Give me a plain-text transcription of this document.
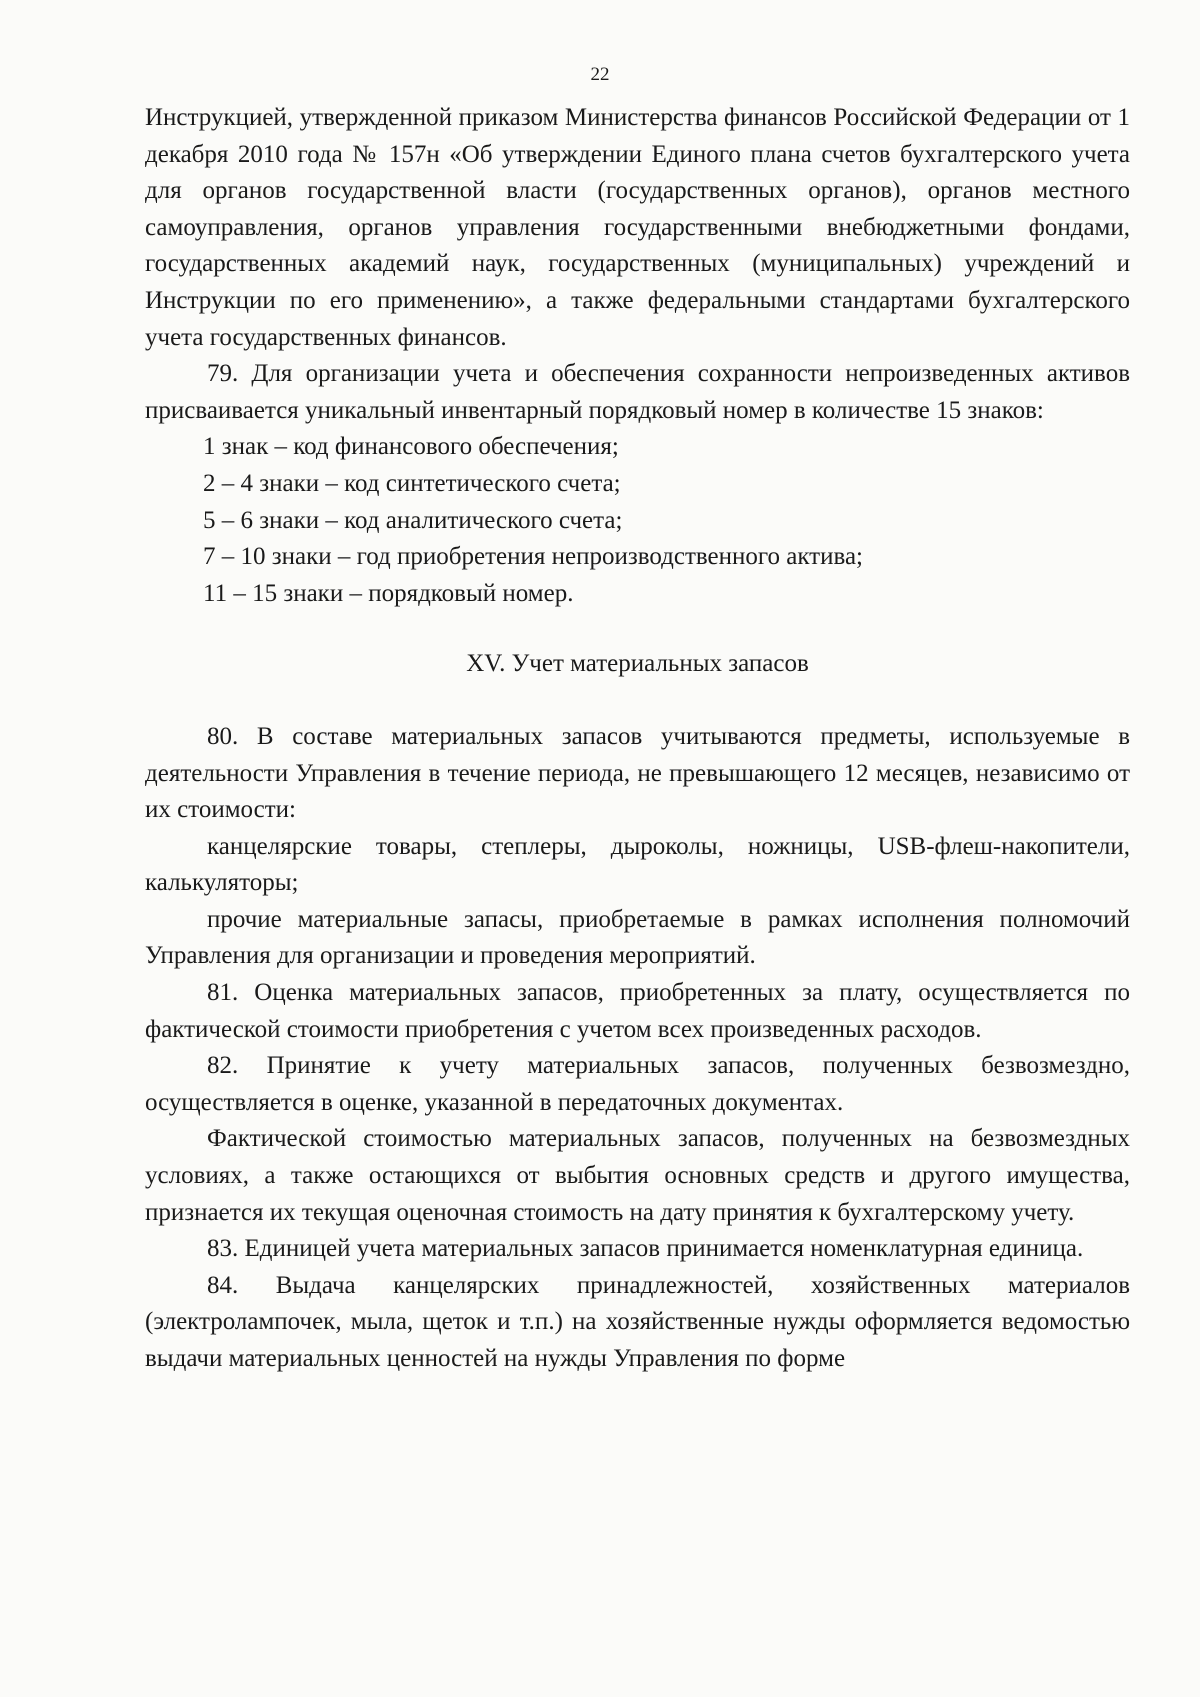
22

Инструкцией, утвержденной приказом Министерства финансов Российской Федерации от 1 декабря 2010 года № 157н «Об утверждении Единого плана счетов бухгалтерского учета для органов государственной власти (государственных органов), органов местного самоуправления, органов управления государственными внебюджетными фондами, государственных академий наук, государственных (муниципальных) учреждений и Инструкции по его применению», а также федеральными стандартами бухгалтерского учета государственных финансов.

79. Для организации учета и обеспечения сохранности непроизведенных активов присваивается уникальный инвентарный порядковый номер в количестве 15 знаков:

1 знак – код финансового обеспечения;

2 – 4 знаки – код синтетического счета;

5 – 6 знаки – код аналитического счета;

7 – 10 знаки – год приобретения непроизводственного актива;

11 – 15 знаки – порядковый номер.

XV. Учет материальных запасов

80. В составе материальных запасов учитываются предметы, используемые в деятельности Управления в течение периода, не превышающего 12 месяцев, независимо от их стоимости:

канцелярские товары, степлеры, дыроколы, ножницы, USB-флеш-накопители, калькуляторы;

прочие материальные запасы, приобретаемые в рамках исполнения полномочий Управления для организации и проведения мероприятий.

81. Оценка материальных запасов, приобретенных за плату, осуществляется по фактической стоимости приобретения с учетом всех произведенных расходов.

82. Принятие к учету материальных запасов, полученных безвозмездно, осуществляется в оценке, указанной в передаточных документах.

Фактической стоимостью материальных запасов, полученных на безвозмездных условиях, а также остающихся от выбытия основных средств и другого имущества, признается их текущая оценочная стоимость на дату принятия к бухгалтерскому учету.

83. Единицей учета материальных запасов принимается номенклатурная единица.

84. Выдача канцелярских принадлежностей, хозяйственных материалов (электролампочек, мыла, щеток и т.п.) на хозяйственные нужды оформляется ведомостью выдачи материальных ценностей на нужды Управления по форме
